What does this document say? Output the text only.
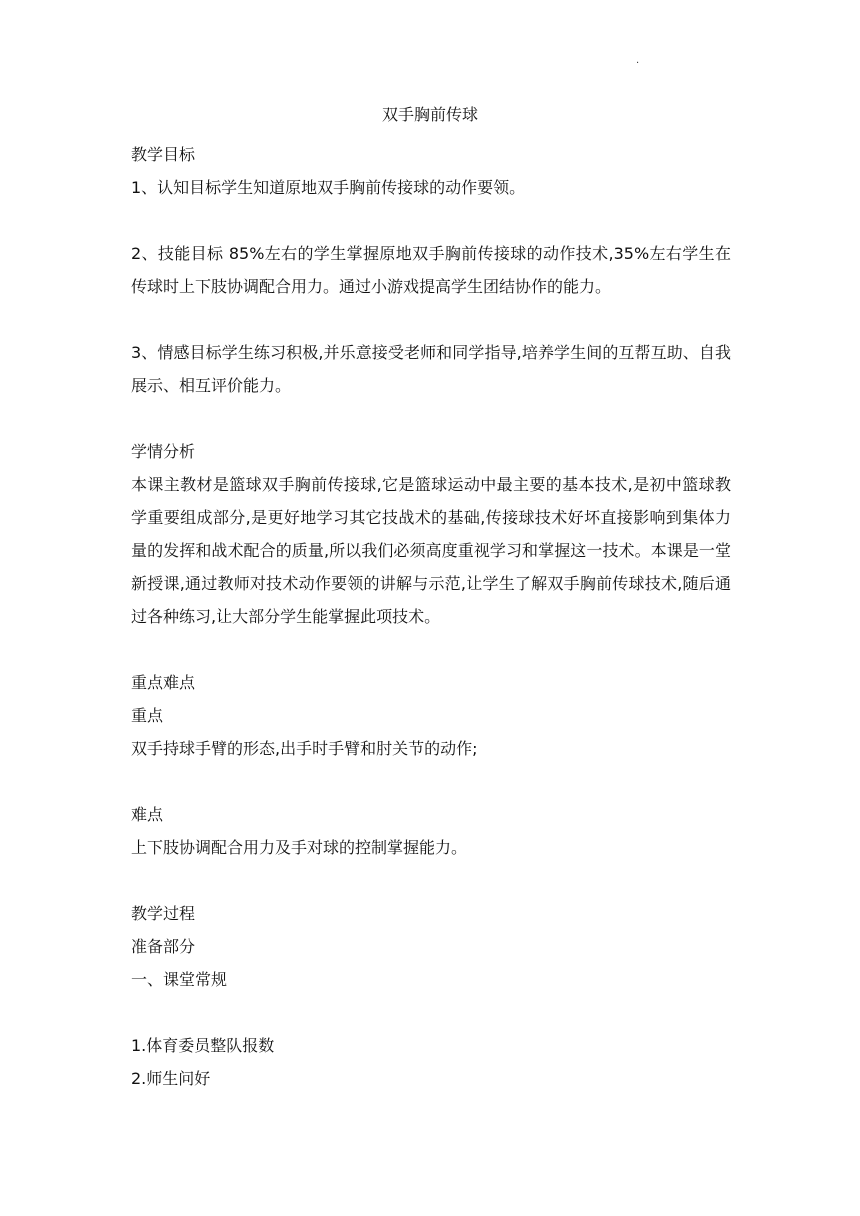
.
双手胸前传球
教学目标
1、认知目标学生知道原地双手胸前传接球的动作要领。
2、技能目标 85%左右的学生掌握原地双手胸前传接球的动作技术,35%左右学生在传球时上下肢协调配合用力。通过小游戏提高学生团结协作的能力。
3、情感目标学生练习积极,并乐意接受老师和同学指导,培养学生间的互帮互助、自我展示、相互评价能力。
学情分析
本课主教材是篮球双手胸前传接球,它是篮球运动中最主要的基本技术,是初中篮球教学重要组成部分,是更好地学习其它技战术的基础,传接球技术好坏直接影响到集体力量的发挥和战术配合的质量,所以我们必须高度重视学习和掌握这一技术。本课是一堂新授课,通过教师对技术动作要领的讲解与示范,让学生了解双手胸前传球技术,随后通过各种练习,让大部分学生能掌握此项技术。
重点难点
重点
双手持球手臂的形态,出手时手臂和肘关节的动作;
难点
上下肢协调配合用力及手对球的控制掌握能力。
教学过程
准备部分
一、课堂常规
1.体育委员整队报数
2.师生问好
